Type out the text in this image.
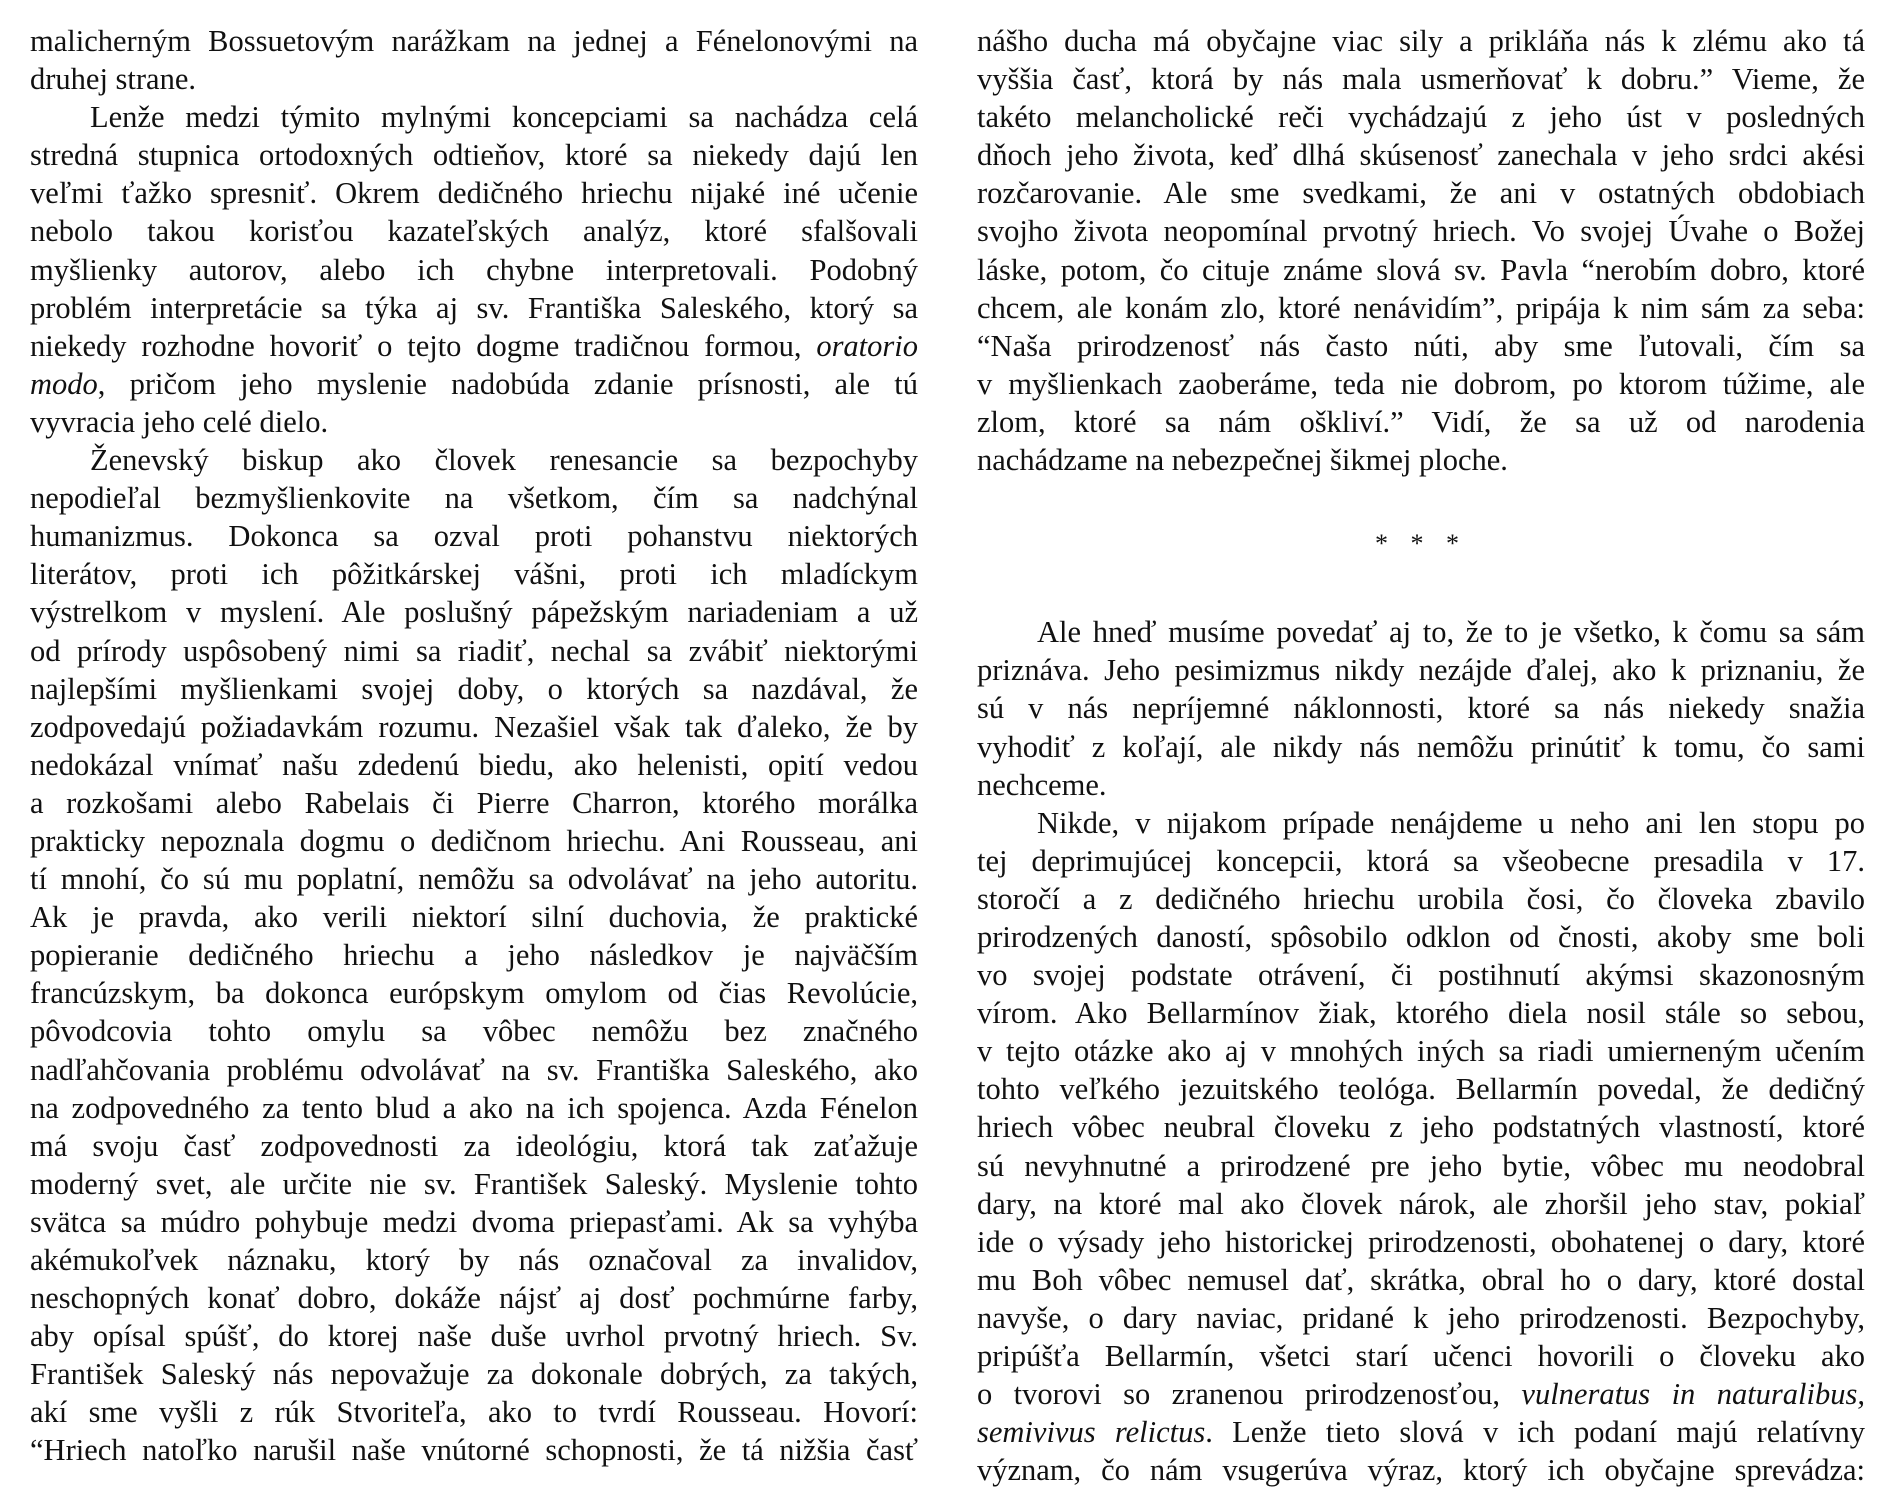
malicherným Bossuetovým narážkam na jednej a Fénelonovými na
druhej strane.
Lenže medzi týmito mylnými koncepciami sa nachádza celá
stredná stupnica ortodoxných odtieňov, ktoré sa niekedy dajú len
veľmi ťažko spresniť. Okrem dedičného hriechu nijaké iné učenie
nebolo takou korisťou kazateľských analýz, ktoré sfalšovali
myšlienky autorov, alebo ich chybne interpretovali. Podobný
problém interpretácie sa týka aj sv. Františka Saleského, ktorý sa
niekedy rozhodne hovoriť o tejto dogme tradičnou formou, oratorio
modo, pričom jeho myslenie nadobúda zdanie prísnosti, ale tú
vyvracia jeho celé dielo.
Ženevský biskup ako človek renesancie sa bezpochyby
nepodieľal bezmyšlienkovite na všetkom, čím sa nadchýnal
humanizmus. Dokonca sa ozval proti pohanstvu niektorých
literátov, proti ich pôžitkárskej vášni, proti ich mladíckym
výstrelkom v myslení. Ale poslušný pápežským nariadeniam a už
od prírody uspôsobený nimi sa riadiť, nechal sa zvábiť niektorými
najlepšími myšlienkami svojej doby, o ktorých sa nazdával, že
zodpovedajú požiadavkám rozumu. Nezašiel však tak ďaleko, že by
nedokázal vnímať našu zdedenú biedu, ako helenisti, opití vedou
a rozkošami alebo Rabelais či Pierre Charron, ktorého morálka
prakticky nepoznala dogmu o dedičnom hriechu. Ani Rousseau, ani
tí mnohí, čo sú mu poplatní, nemôžu sa odvolávať na jeho autoritu.
Ak je pravda, ako verili niektorí silní duchovia, že praktické
popieranie dedičného hriechu a jeho následkov je najväčším
francúzskym, ba dokonca európskym omylom od čias Revolúcie,
pôvodcovia tohto omylu sa vôbec nemôžu bez značného
nadľahčovania problému odvolávať na sv. Františka Saleského, ako
na zodpovedného za tento blud a ako na ich spojenca. Azda Fénelon
má svoju časť zodpovednosti za ideológiu, ktorá tak zaťažuje
moderný svet, ale určite nie sv. František Saleský. Myslenie tohto
svätca sa múdro pohybuje medzi dvoma priepasťami. Ak sa vyhýba
akémukoľvek náznaku, ktorý by nás označoval za invalidov,
neschopných konať dobro, dokáže nájsť aj dosť pochmúrne farby,
aby opísal spúšť, do ktorej naše duše uvrhol prvotný hriech. Sv.
František Saleský nás nepovažuje za dokonale dobrých, za takých,
akí sme vyšli z rúk Stvoriteľa, ako to tvrdí Rousseau. Hovorí:
“Hriech natoľko narušil naše vnútorné schopnosti, že tá nižšia časť
nášho ducha má obyčajne viac sily a prikláňa nás k zlému ako tá
vyššia časť, ktorá by nás mala usmerňovať k dobru.” Vieme, že
takéto melancholické reči vychádzajú z jeho úst v posledných
dňoch jeho života, keď dlhá skúsenosť zanechala v jeho srdci akési
rozčarovanie. Ale sme svedkami, že ani v ostatných obdobiach
svojho života neopomínal prvotný hriech. Vo svojej Úvahe o Božej
láske, potom, čo cituje známe slová sv. Pavla “nerobím dobro, ktoré
chcem, ale konám zlo, ktoré nenávidím”, pripája k nim sám za seba:
“Naša prirodzenosť nás často núti, aby sme ľutovali, čím sa
v myšlienkach zaoberáme, teda nie dobrom, po ktorom túžime, ale
zlom, ktoré sa nám oškliví.” Vidí, že sa už od narodenia
nachádzame na nebezpečnej šikmej ploche.
* * *
Ale hneď musíme povedať aj to, že to je všetko, k čomu sa sám
priznáva. Jeho pesimizmus nikdy nezájde ďalej, ako k priznaniu, že
sú v nás nepríjemné náklonnosti, ktoré sa nás niekedy snažia
vyhodiť z koľají, ale nikdy nás nemôžu prinútiť k tomu, čo sami
nechceme.
Nikde, v nijakom prípade nenájdeme u neho ani len stopu po
tej deprimujúcej koncepcii, ktorá sa všeobecne presadila v 17.
storočí a z dedičného hriechu urobila čosi, čo človeka zbavilo
prirodzených daností, spôsobilo odklon od čnosti, akoby sme boli
vo svojej podstate otrávení, či postihnutí akýmsi skazonosným
vírom. Ako Bellarmínov žiak, ktorého diela nosil stále so sebou,
v tejto otázke ako aj v mnohých iných sa riadi umierneným učením
tohto veľkého jezuitského teológa. Bellarmín povedal, že dedičný
hriech vôbec neubral človeku z jeho podstatných vlastností, ktoré
sú nevyhnutné a prirodzené pre jeho bytie, vôbec mu neodobral
dary, na ktoré mal ako človek nárok, ale zhoršil jeho stav, pokiaľ
ide o výsady jeho historickej prirodzenosti, obohatenej o dary, ktoré
mu Boh vôbec nemusel dať, skrátka, obral ho o dary, ktoré dostal
navyše, o dary naviac, pridané k jeho prirodzenosti. Bezpochyby,
pripúšťa Bellarmín, všetci starí učenci hovorili o človeku ako
o tvorovi so zranenou prirodzenosťou, vulneratus in naturalibus,
semivivus relictus. Lenže tieto slová v ich podaní majú relatívny
význam, čo nám vsugerúva výraz, ktorý ich obyčajne sprevádza:
